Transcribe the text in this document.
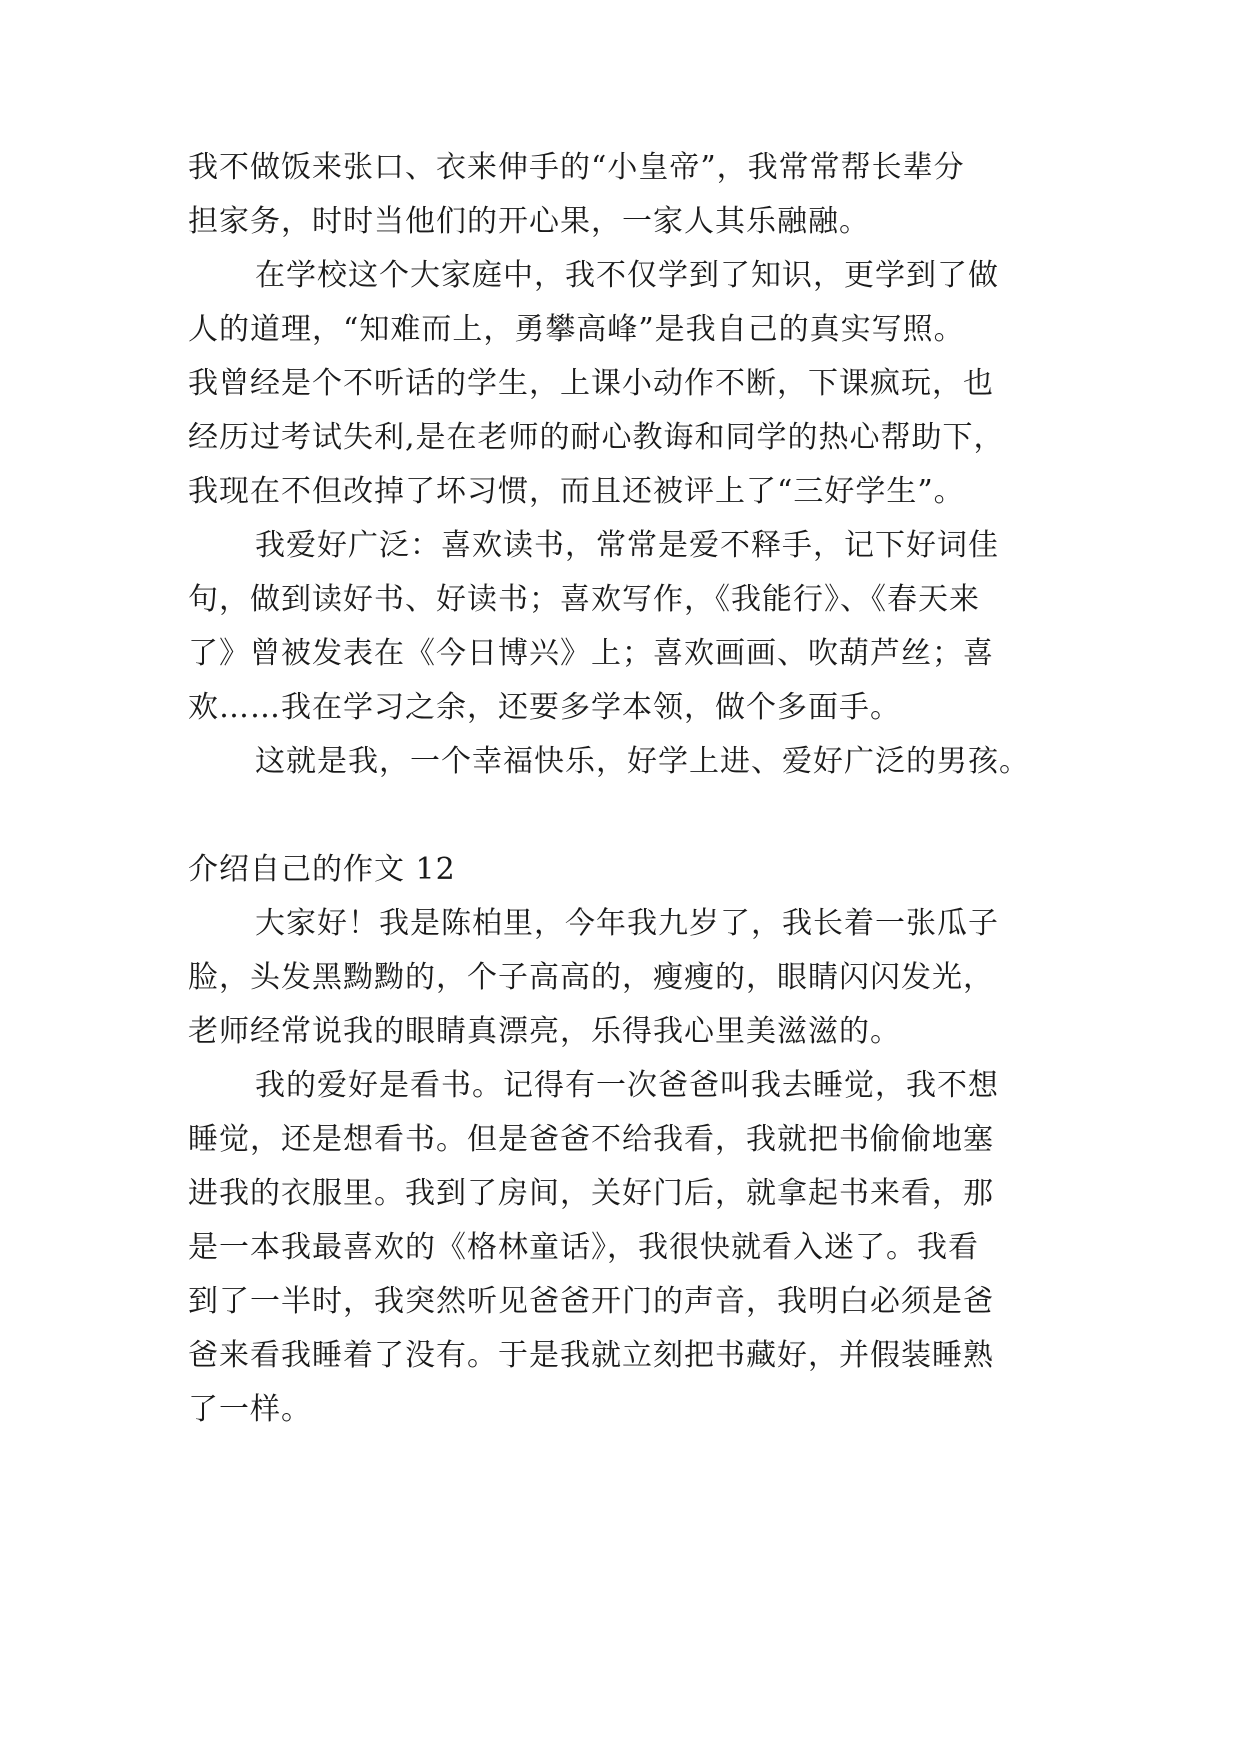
我不做饭来张口、衣来伸手的“小皇帝”，我常常帮长辈分
担家务，时时当他们的开心果，一家人其乐融融。
在学校这个大家庭中，我不仅学到了知识，更学到了做
人的道理，“知难而上，勇攀高峰”是我自己的真实写照。
我曾经是个不听话的学生，上课小动作不断，下课疯玩，也
经历过考试失利,是在老师的耐心教诲和同学的热心帮助下，
我现在不但改掉了坏习惯，而且还被评上了“三好学生”。
我爱好广泛：喜欢读书，常常是爱不释手，记下好词佳
句，做到读好书、好读书；喜欢写作，《我能行》、《春天来
了》曾被发表在《今日博兴》上；喜欢画画、吹葫芦丝；喜
欢……我在学习之余，还要多学本领，做个多面手。
这就是我，一个幸福快乐，好学上进、爱好广泛的男孩。
介绍自己的作文 12
大家好！我是陈柏里，今年我九岁了，我长着一张瓜子
脸，头发黑黝黝的，个子高高的，瘦瘦的，眼睛闪闪发光，
老师经常说我的眼睛真漂亮，乐得我心里美滋滋的。
我的爱好是看书。记得有一次爸爸叫我去睡觉，我不想
睡觉，还是想看书。但是爸爸不给我看，我就把书偷偷地塞
进我的衣服里。我到了房间，关好门后，就拿起书来看，那
是一本我最喜欢的《格林童话》，我很快就看入迷了。我看
到了一半时，我突然听见爸爸开门的声音，我明白必须是爸
爸来看我睡着了没有。于是我就立刻把书藏好，并假装睡熟
了一样。
